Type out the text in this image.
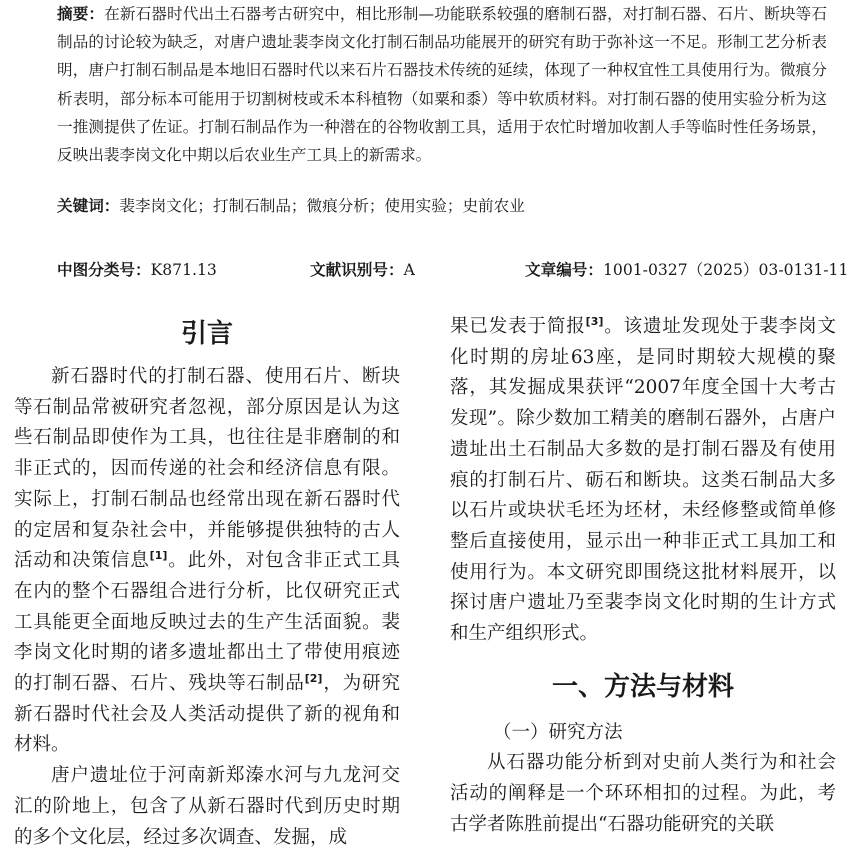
摘要：在新石器时代出土石器考古研究中，相比形制—功能联系较强的磨制石器，对打制石器、石片、断块等石制品的讨论较为缺乏，对唐户遗址裴李岗文化打制石制品功能展开的研究有助于弥补这一不足。形制工艺分析表明，唐户打制石制品是本地旧石器时代以来石片石器技术传统的延续，体现了一种权宜性工具使用行为。微痕分析表明，部分标本可能用于切割树枝或禾本科植物（如粟和黍）等中软质材料。对打制石器的使用实验分析为这一推测提供了佐证。打制石制品作为一种潜在的谷物收割工具，适用于农忙时增加收割人手等临时性任务场景，反映出裴李岗文化中期以后农业生产工具上的新需求。
关键词：裴李岗文化；打制石制品；微痕分析；使用实验；史前农业
中图分类号：K871.13	文献识别号：A	文章编号：1001-0327（2025）03-0131-11
引言

新石器时代的打制石器、使用石片、断块等石制品常被研究者忽视，部分原因是认为这些石制品即使作为工具，也往往是非磨制的和非正式的，因而传递的社会和经济信息有限。实际上，打制石制品也经常出现在新石器时代的定居和复杂社会中，并能够提供独特的古人活动和决策信息[1]。此外，对包含非正式工具在内的整个石器组合进行分析，比仅研究正式工具能更全面地反映过去的生产生活面貌。裴李岗文化时期的诸多遗址都出土了带使用痕迹的打制石器、石片、残块等石制品[2]，为研究新石器时代社会及人类活动提供了新的视角和材料。

唐户遗址位于河南新郑溱水河与九龙河交汇的阶地上，包含了从新石器时代到历史时期的多个文化层，经过多次调查、发掘，成

果已发表于简报[3]。该遗址发现处于裴李岗文化时期的房址63座，是同时期较大规模的聚落，其发掘成果获评“2007年度全国十大考古发现”。除少数加工精美的磨制石器外，占唐户遗址出土石制品大多数的是打制石器及有使用痕的打制石片、砺石和断块。这类石制品大多以石片或块状毛坯为坯材，未经修整或简单修整后直接使用，显示出一种非正式工具加工和使用行为。本文研究即围绕这批材料展开，以探讨唐户遗址乃至裴李岗文化时期的生计方式和生产组织形式。

一、方法与材料

（一）研究方法

从石器功能分析到对史前人类行为和社会活动的阐释是一个环环相扣的过程。为此，考古学者陈胜前提出“石器功能研究的关联
